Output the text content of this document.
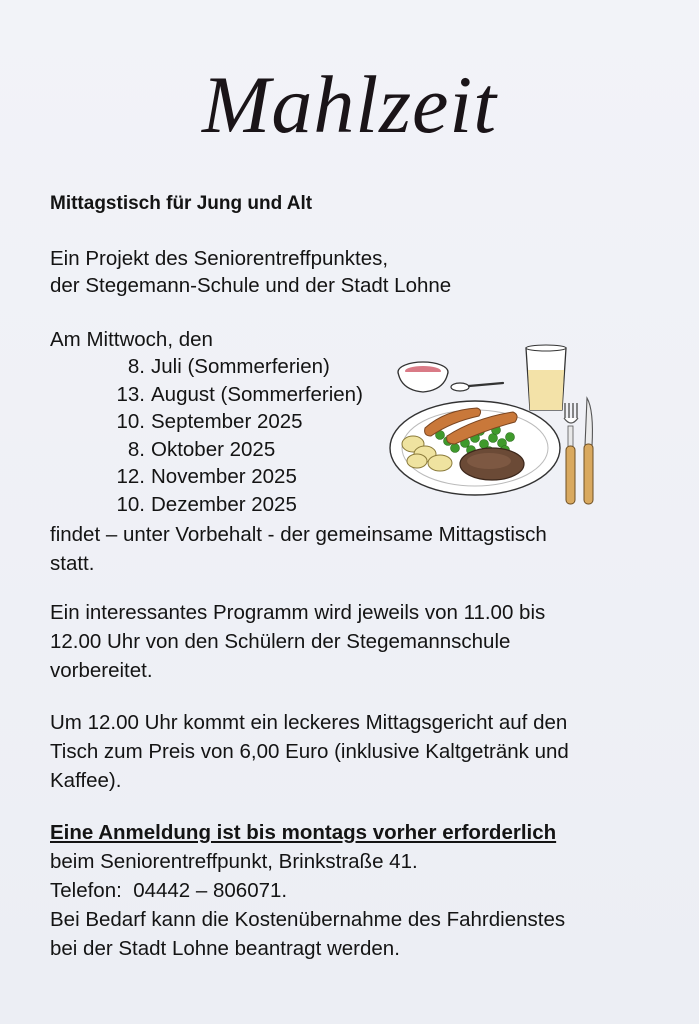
Mahlzeit
Mittagstisch für Jung und Alt
Ein Projekt des Seniorentreffpunktes,
der Stegemann-Schule und der Stadt Lohne
Am Mittwoch, den
8. Juli (Sommerferien)
13. August (Sommerferien)
10. September 2025
8. Oktober 2025
12. November 2025
10. Dezember 2025
findet – unter Vorbehalt - der gemeinsame Mittagstisch
statt.
Ein interessantes Programm wird jeweils von 11.00 bis
12.00 Uhr von den Schülern der Stegemannschule
vorbereitet.
Um 12.00 Uhr kommt ein leckeres Mittagsgericht auf den
Tisch zum Preis von 6,00 Euro (inklusive Kaltgetränk und
Kaffee).
Eine Anmeldung ist bis montags vorher erforderlich
beim Seniorentreffpunkt, Brinkstraße 41.
Telefon:  04442 – 806071.
Bei Bedarf kann die Kostenübernahme des Fahrdienstes
bei der Stadt Lohne beantragt werden.
